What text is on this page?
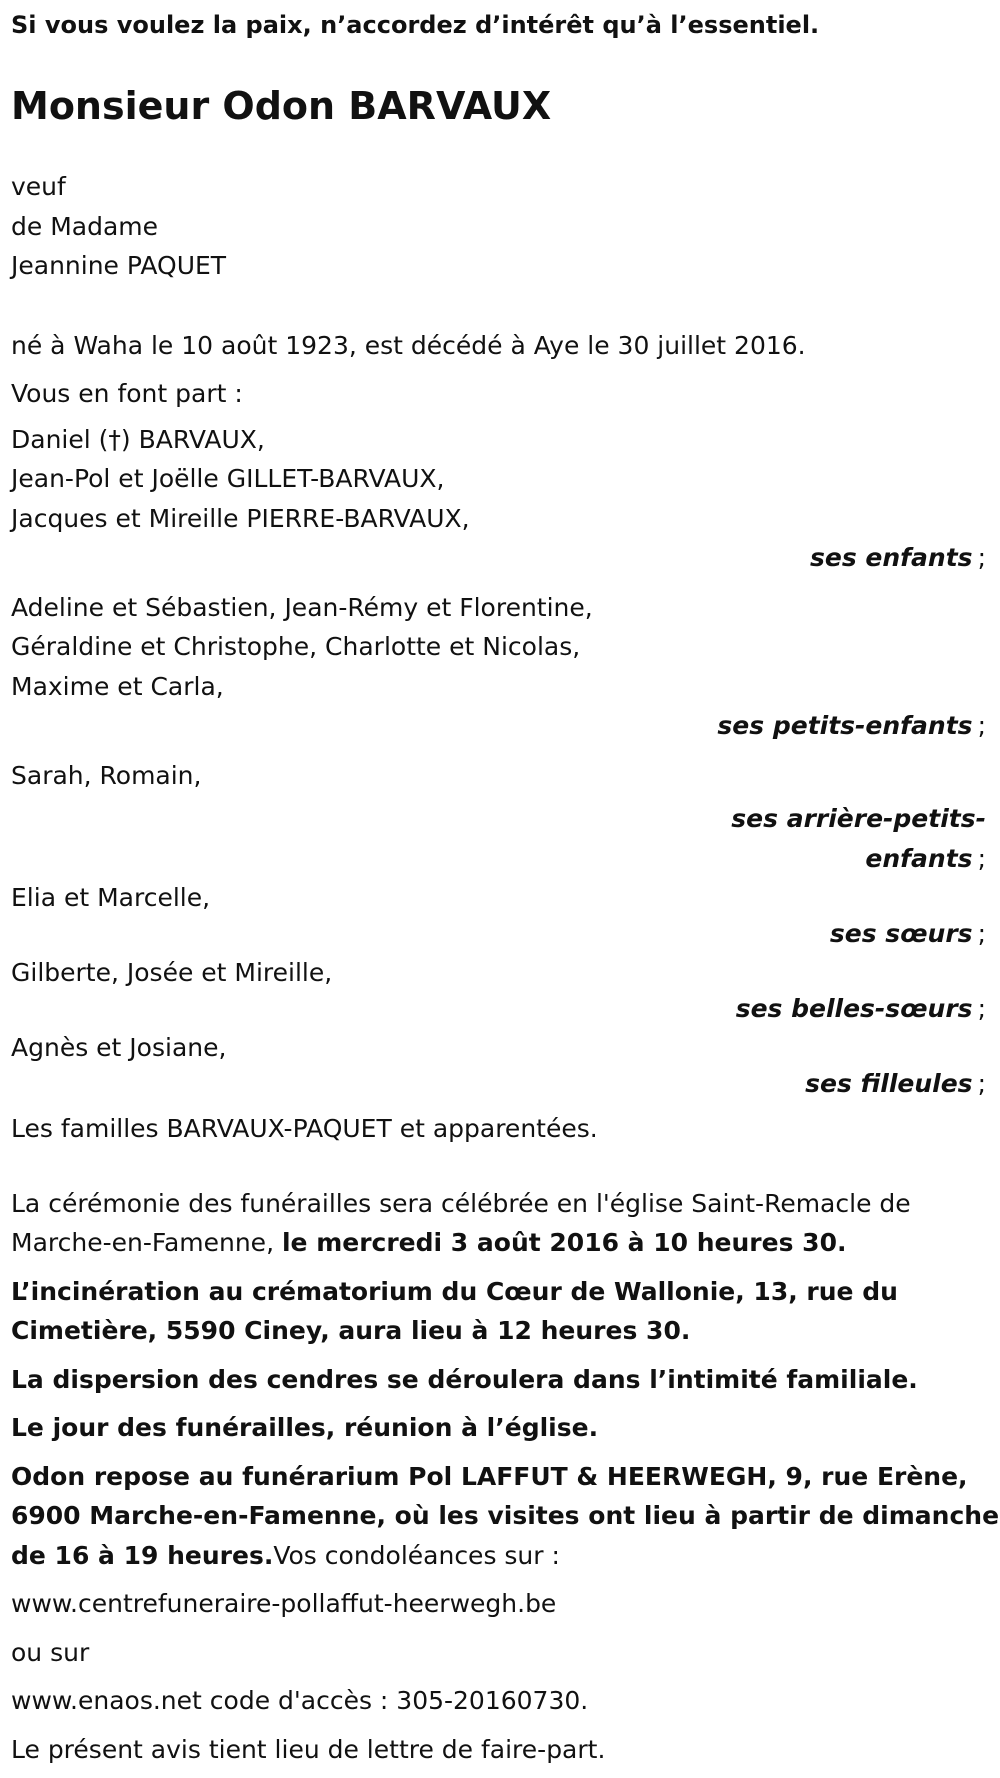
Si vous voulez la paix, n’accordez d’intérêt qu’à l’essentiel.

Monsieur Odon BARVAUX
veuf
de Madame
Jeannine PAQUET
né à Waha le 10 août 1923, est décédé à Aye le 30 juillet 2016.
Vous en font part :
Daniel (†) BARVAUX,
Jean-Pol et Joëlle GILLET-BARVAUX,
Jacques et Mireille PIERRE-BARVAUX,
ses enfants ;
Adeline et Sébastien, Jean-Rémy et Florentine,
Géraldine et Christophe, Charlotte et Nicolas,
Maxime et Carla,
ses petits-enfants ;
Sarah, Romain,
ses arrière-petits-
enfants ;
Elia et Marcelle,
ses sœurs ;
Gilberte, Josée et Mireille,
ses belles-sœurs ;
Agnès et Josiane,
ses filleules ;
Les familles BARVAUX-PAQUET et apparentées.
La cérémonie des funérailles sera célébrée en l'église Saint-Remacle de
Marche-en-Famenne, le mercredi 3 août 2016 à 10 heures 30.
L’incinération au crématorium du Cœur de Wallonie, 13, rue du
Cimetière, 5590 Ciney, aura lieu à 12 heures 30.
La dispersion des cendres se déroulera dans l’intimité familiale.
Le jour des funérailles, réunion à l’église.
Odon repose au funérarium Pol LAFFUT & HEERWEGH, 9, rue Erène,
6900 Marche-en-Famenne, où les visites ont lieu à partir de dimanche
de 16 à 19 heures.Vos condoléances sur :
www.centrefuneraire-pollaffut-heerwegh.be
ou sur
www.enaos.net code d'accès : 305-20160730.
Le présent avis tient lieu de lettre de faire-part.
